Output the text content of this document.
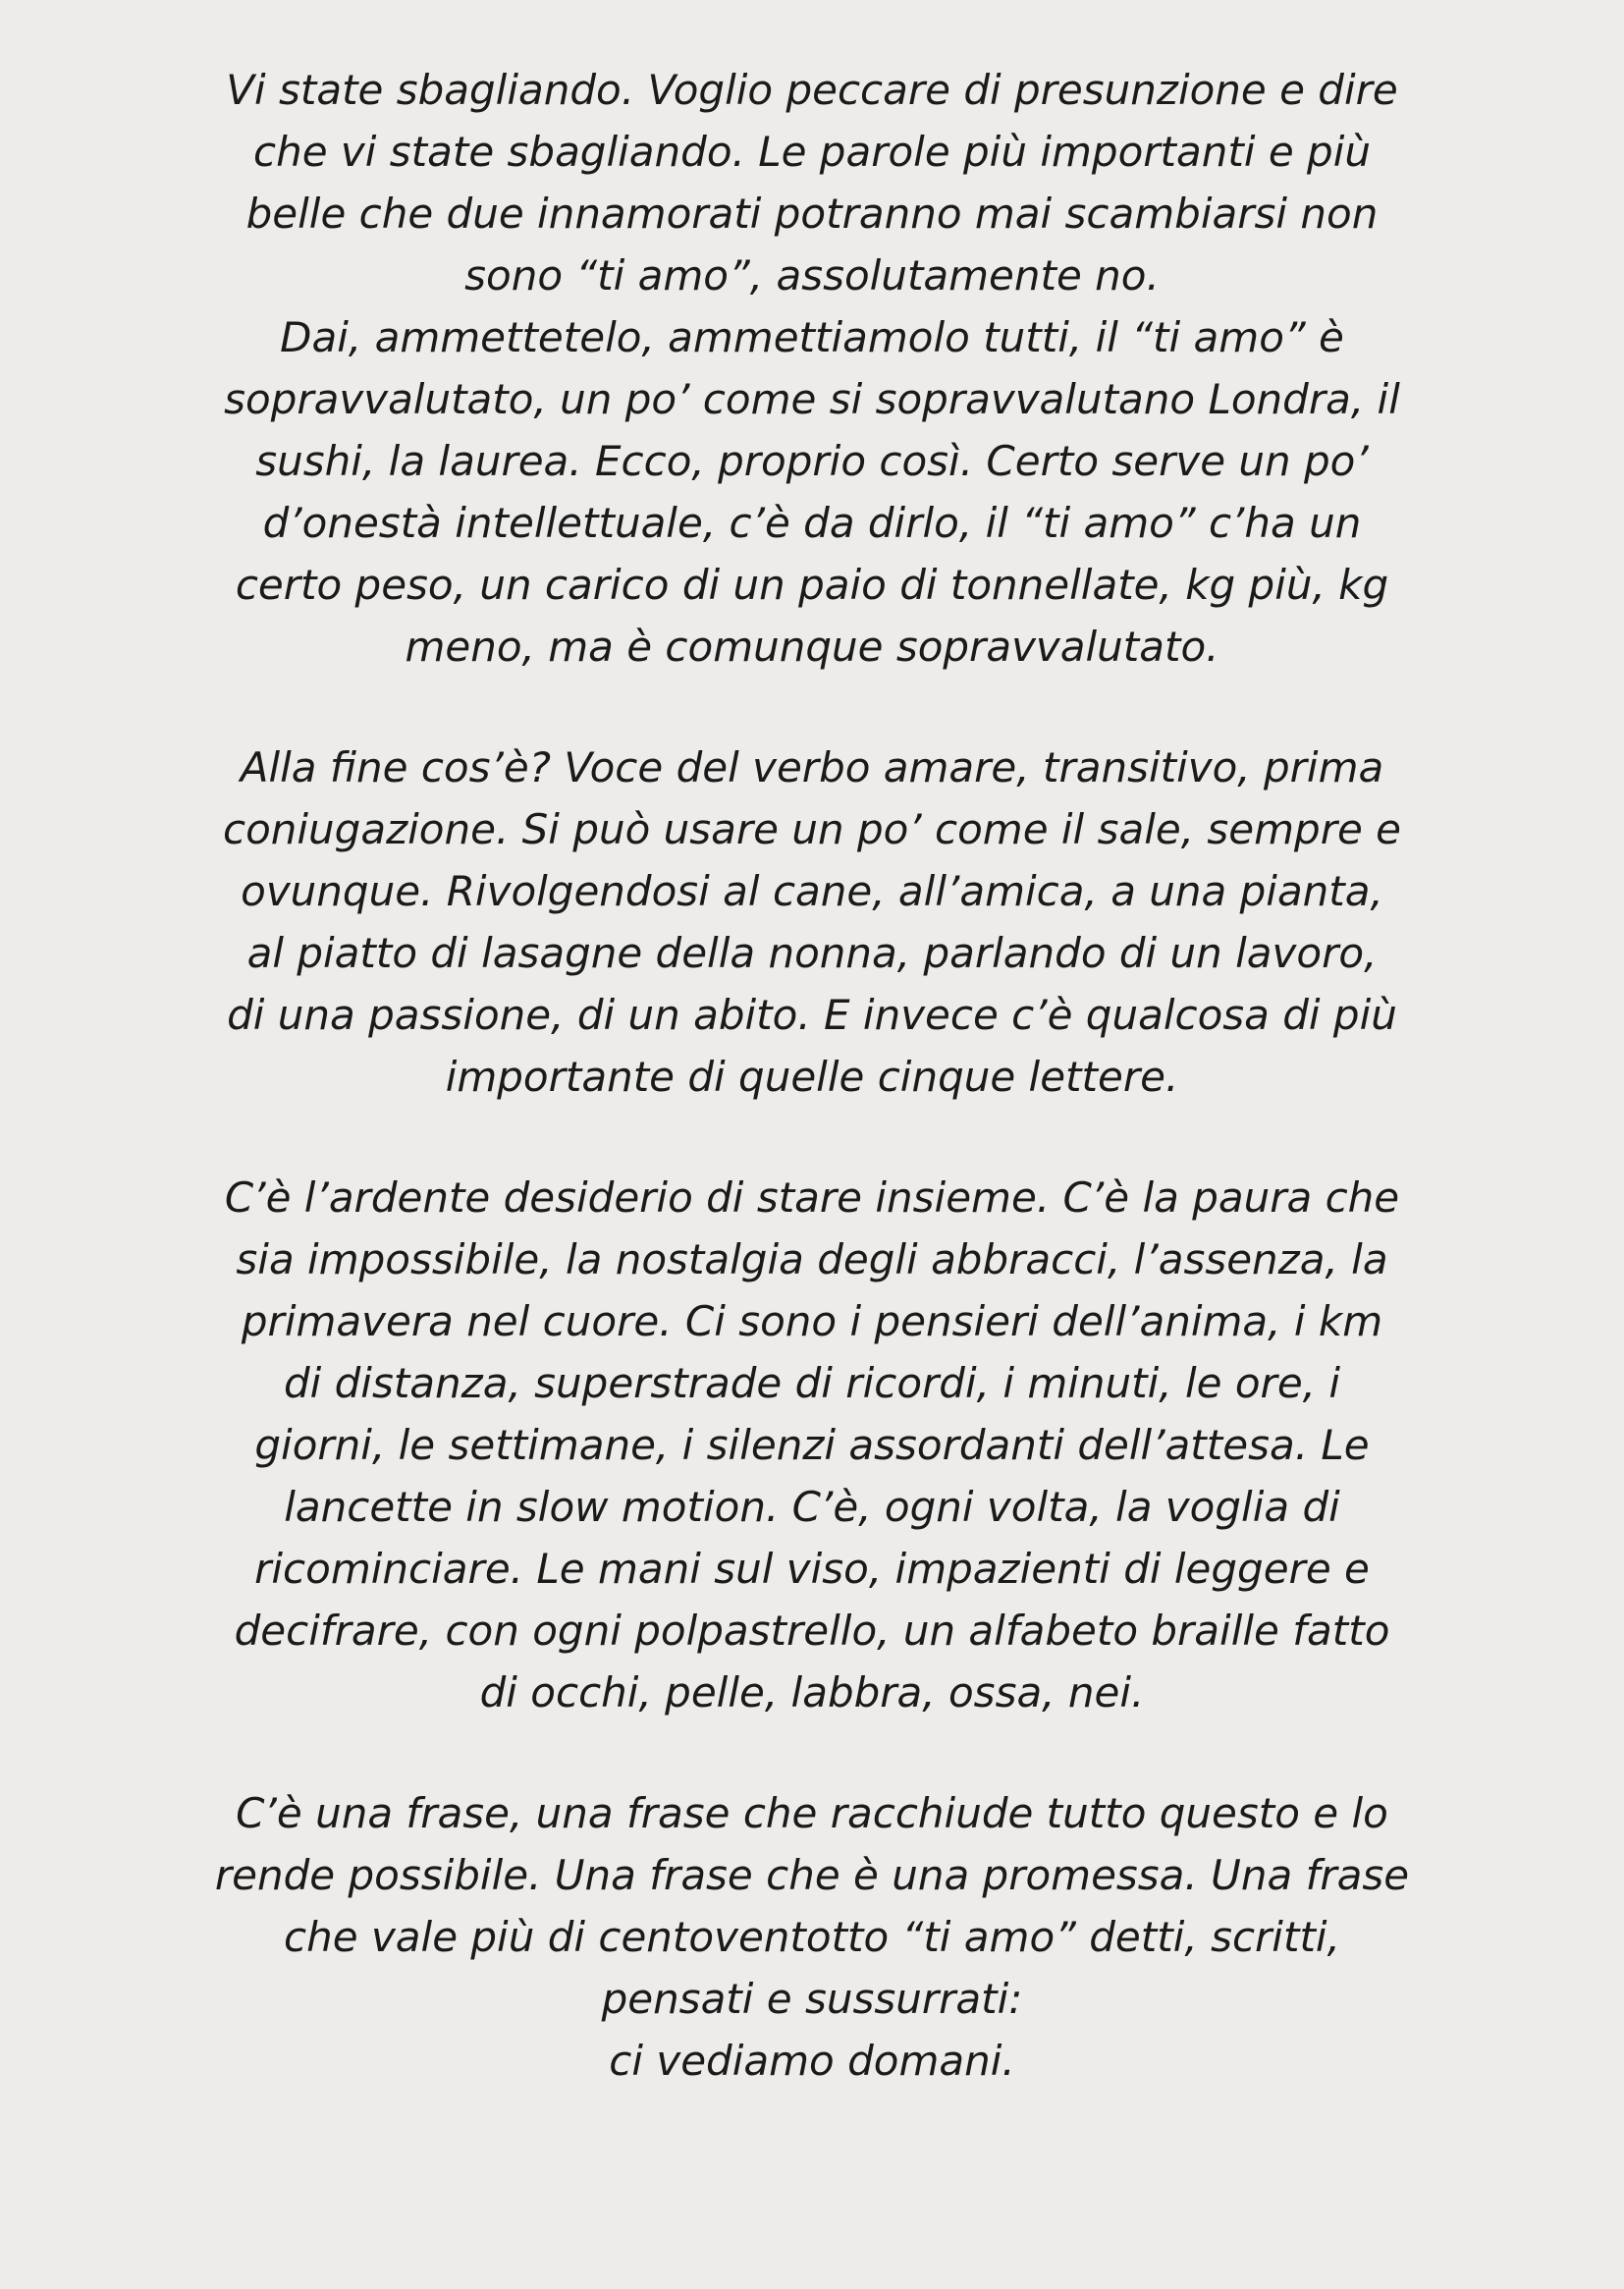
Vi state sbagliando. Voglio peccare di presunzione e dire
che vi state sbagliando. Le parole più importanti e più
belle che due innamorati potranno mai scambiarsi non
sono “ti amo”, assolutamente no.
Dai, ammettetelo, ammettiamolo tutti, il “ti amo” è
sopravvalutato, un po’ come si sopravvalutano Londra, il
sushi, la laurea. Ecco, proprio così. Certo serve un po’
d’onestà intellettuale, c’è da dirlo, il “ti amo” c’ha un
certo peso, un carico di un paio di tonnellate, kg più, kg
meno, ma è comunque sopravvalutato.

Alla fine cos’è? Voce del verbo amare, transitivo, prima
coniugazione. Si può usare un po’ come il sale, sempre e
ovunque. Rivolgendosi al cane, all’amica, a una pianta,
al piatto di lasagne della nonna, parlando di un lavoro,
di una passione, di un abito. E invece c’è qualcosa di più
importante di quelle cinque lettere.

C’è l’ardente desiderio di stare insieme. C’è la paura che
sia impossibile, la nostalgia degli abbracci, l’assenza, la
primavera nel cuore. Ci sono i pensieri dell’anima, i km
di distanza, superstrade di ricordi, i minuti, le ore, i
giorni, le settimane, i silenzi assordanti dell’attesa. Le
lancette in slow motion. C’è, ogni volta, la voglia di
ricominciare. Le mani sul viso, impazienti di leggere e
decifrare, con ogni polpastrello, un alfabeto braille fatto
di occhi, pelle, labbra, ossa, nei.

C’è una frase, una frase che racchiude tutto questo e lo
rende possibile. Una frase che è una promessa. Una frase
che vale più di centoventotto “ti amo” detti, scritti,
pensati e sussurrati:
ci vediamo domani.
